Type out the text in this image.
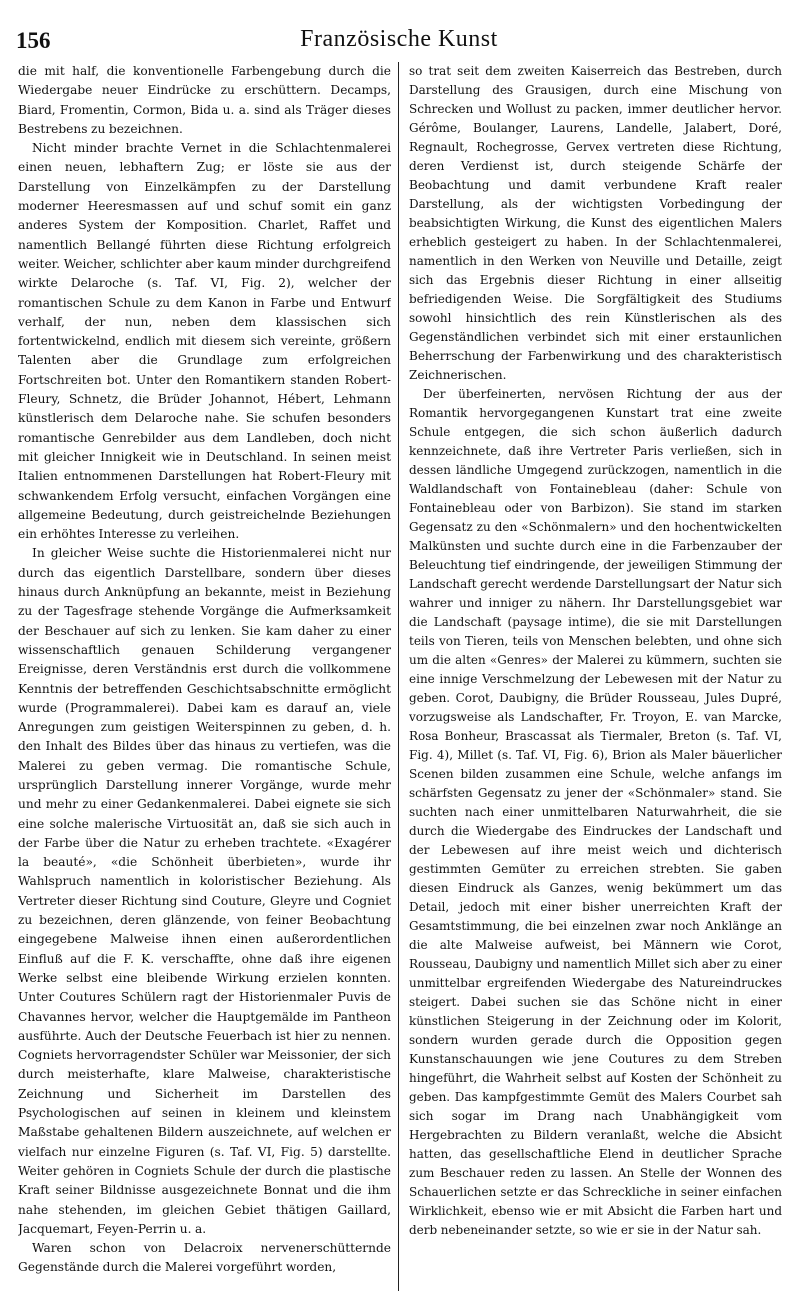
156	Französische Kunst

die mit half, die konventionelle Farbengebung durch die Wiedergabe neuer Eindrücke zu erschüttern. Decamps, Biard, Fromentin, Cormon, Bida u. a. sind als Träger dieses Bestrebens zu bezeichnen.

Nicht minder brachte Vernet in die Schlachtenmalerei einen neuen, lebhaftern Zug; er löste sie aus der Darstellung von Einzelkämpfen zu der Darstellung moderner Heeresmassen auf und schuf somit ein ganz anderes System der Komposition. Charlet, Raffet und namentlich Bellangé führten diese Richtung erfolgreich weiter. Weicher, schlichter aber kaum minder durchgreifend wirkte Delaroche (s. Taf. VI, Fig. 2), welcher der romantischen Schule zu dem Kanon in Farbe und Entwurf verhalf, der nun, neben dem klassischen sich fortentwickelnd, endlich mit diesem sich vereinte, größern Talenten aber die Grundlage zum erfolgreichen Fortschreiten bot. Unter den Romantikern standen Robert-Fleury, Schnetz, die Brüder Johannot, Hébert, Lehmann künstlerisch dem Delaroche nahe. Sie schufen besonders romantische Genrebilder aus dem Landleben, doch nicht mit gleicher Innigkeit wie in Deutschland. In seinen meist Italien entnommenen Darstellungen hat Robert-Fleury mit schwankendem Erfolg versucht, einfachen Vorgängen eine allgemeine Bedeutung, durch geistreichelnde Beziehungen ein erhöhtes Interesse zu verleihen.

In gleicher Weise suchte die Historienmalerei nicht nur durch das eigentlich Darstellbare, sondern über dieses hinaus durch Anknüpfung an bekannte, meist in Beziehung zu der Tagesfrage stehende Vorgänge die Aufmerksamkeit der Beschauer auf sich zu lenken. Sie kam daher zu einer wissenschaftlich genauen Schilderung vergangener Ereignisse, deren Verständnis erst durch die vollkommene Kenntnis der betreffenden Geschichtsabschnitte ermöglicht wurde (Programmalerei). Dabei kam es darauf an, viele Anregungen zum geistigen Weiterspinnen zu geben, d. h. den Inhalt des Bildes über das hinaus zu vertiefen, was die Malerei zu geben vermag. Die romantische Schule, ursprünglich Darstellung innerer Vorgänge, wurde mehr und mehr zu einer Gedankenmalerei. Dabei eignete sie sich eine solche malerische Virtuosität an, daß sie sich auch in der Farbe über die Natur zu erheben trachtete. «Exagérer la beauté», «die Schönheit überbieten», wurde ihr Wahlspruch namentlich in koloristischer Beziehung. Als Vertreter dieser Richtung sind Couture, Gleyre und Cogniet zu bezeichnen, deren glänzende, von feiner Beobachtung eingegebene Malweise ihnen einen außerordentlichen Einfluß auf die F. K. verschaffte, ohne daß ihre eigenen Werke selbst eine bleibende Wirkung erzielen konnten. Unter Coutures Schülern ragt der Historienmaler Puvis de Chavannes hervor, welcher die Hauptgemälde im Pantheon ausführte. Auch der Deutsche Feuerbach ist hier zu nennen. Cogniets hervorragendster Schüler war Meissonier, der sich durch meisterhafte, klare Malweise, charakteristische Zeichnung und Sicherheit im Darstellen des Psychologischen auf seinen in kleinem und kleinstem Maßstabe gehaltenen Bildern auszeichnete, auf welchen er vielfach nur einzelne Figuren (s. Taf. VI, Fig. 5) darstellte. Weiter gehören in Cogniets Schule der durch die plastische Kraft seiner Bildnisse ausgezeichnete Bonnat und die ihm nahe stehenden, im gleichen Gebiet thätigen Gaillard, Jacquemart, Feyen-Perrin u. a.

Waren schon von Delacroix nervenerschütternde Gegenstände durch die Malerei vorgeführt worden,

so trat seit dem zweiten Kaiserreich das Bestreben, durch Darstellung des Grausigen, durch eine Mischung von Schrecken und Wollust zu packen, immer deutlicher hervor. Gérôme, Boulanger, Laurens, Landelle, Jalabert, Doré, Regnault, Rochegrosse, Gervex vertreten diese Richtung, deren Verdienst ist, durch steigende Schärfe der Beobachtung und damit verbundene Kraft realer Darstellung, als der wichtigsten Vorbedingung der beabsichtigten Wirkung, die Kunst des eigentlichen Malers erheblich gesteigert zu haben. In der Schlachtenmalerei, namentlich in den Werken von Neuville und Detaille, zeigt sich das Ergebnis dieser Richtung in einer allseitig befriedigenden Weise. Die Sorgfältigkeit des Studiums sowohl hinsichtlich des rein Künstlerischen als des Gegenständlichen verbindet sich mit einer erstaunlichen Beherrschung der Farbenwirkung und des charakteristisch Zeichnerischen.

Der überfeinerten, nervösen Richtung der aus der Romantik hervorgegangenen Kunstart trat eine zweite Schule entgegen, die sich schon äußerlich dadurch kennzeichnete, daß ihre Vertreter Paris verließen, sich in dessen ländliche Umgegend zurückzogen, namentlich in die Waldlandschaft von Fontainebleau (daher: Schule von Fontainebleau oder von Barbizon). Sie stand im starken Gegensatz zu den «Schönmalern» und den hochentwickelten Malkünsten und suchte durch eine in die Farbenzauber der Beleuchtung tief eindringende, der jeweiligen Stimmung der Landschaft gerecht werdende Darstellungsart der Natur sich wahrer und inniger zu nähern. Ihr Darstellungsgebiet war die Landschaft (paysage intime), die sie mit Darstellungen teils von Tieren, teils von Menschen belebten, und ohne sich um die alten «Genres» der Malerei zu kümmern, suchten sie eine innige Verschmelzung der Lebewesen mit der Natur zu geben. Corot, Daubigny, die Brüder Rousseau, Jules Dupré, vorzugsweise als Landschafter, Fr. Troyon, E. van Marcke, Rosa Bonheur, Brascassat als Tiermaler, Breton (s. Taf. VI, Fig. 4), Millet (s. Taf. VI, Fig. 6), Brion als Maler bäuerlicher Scenen bilden zusammen eine Schule, welche anfangs im schärfsten Gegensatz zu jener der «Schönmaler» stand. Sie suchten nach einer unmittelbaren Naturwahrheit, die sie durch die Wiedergabe des Eindruckes der Landschaft und der Lebewesen auf ihre meist weich und dichterisch gestimmten Gemüter zu erreichen strebten. Sie gaben diesen Eindruck als Ganzes, wenig bekümmert um das Detail, jedoch mit einer bisher unerreichten Kraft der Gesamtstimmung, die bei einzelnen zwar noch Anklänge an die alte Malweise aufweist, bei Männern wie Corot, Rousseau, Daubigny und namentlich Millet sich aber zu einer unmittelbar ergreifenden Wiedergabe des Natureindruckes steigert. Dabei suchen sie das Schöne nicht in einer künstlichen Steigerung in der Zeichnung oder im Kolorit, sondern wurden gerade durch die Opposition gegen Kunstanschauungen wie jene Coutures zu dem Streben hingeführt, die Wahrheit selbst auf Kosten der Schönheit zu geben. Das kampfgestimmte Gemüt des Malers Courbet sah sich sogar im Drang nach Unabhängigkeit vom Hergebrachten zu Bildern veranlaßt, welche die Absicht hatten, das gesellschaftliche Elend in deutlicher Sprache zum Beschauer reden zu lassen. An Stelle der Wonnen des Schauerlichen setzte er das Schreckliche in seiner einfachen Wirklichkeit, ebenso wie er mit Absicht die Farben hart und derb nebeneinander setzte, so wie er sie in der Natur sah.
